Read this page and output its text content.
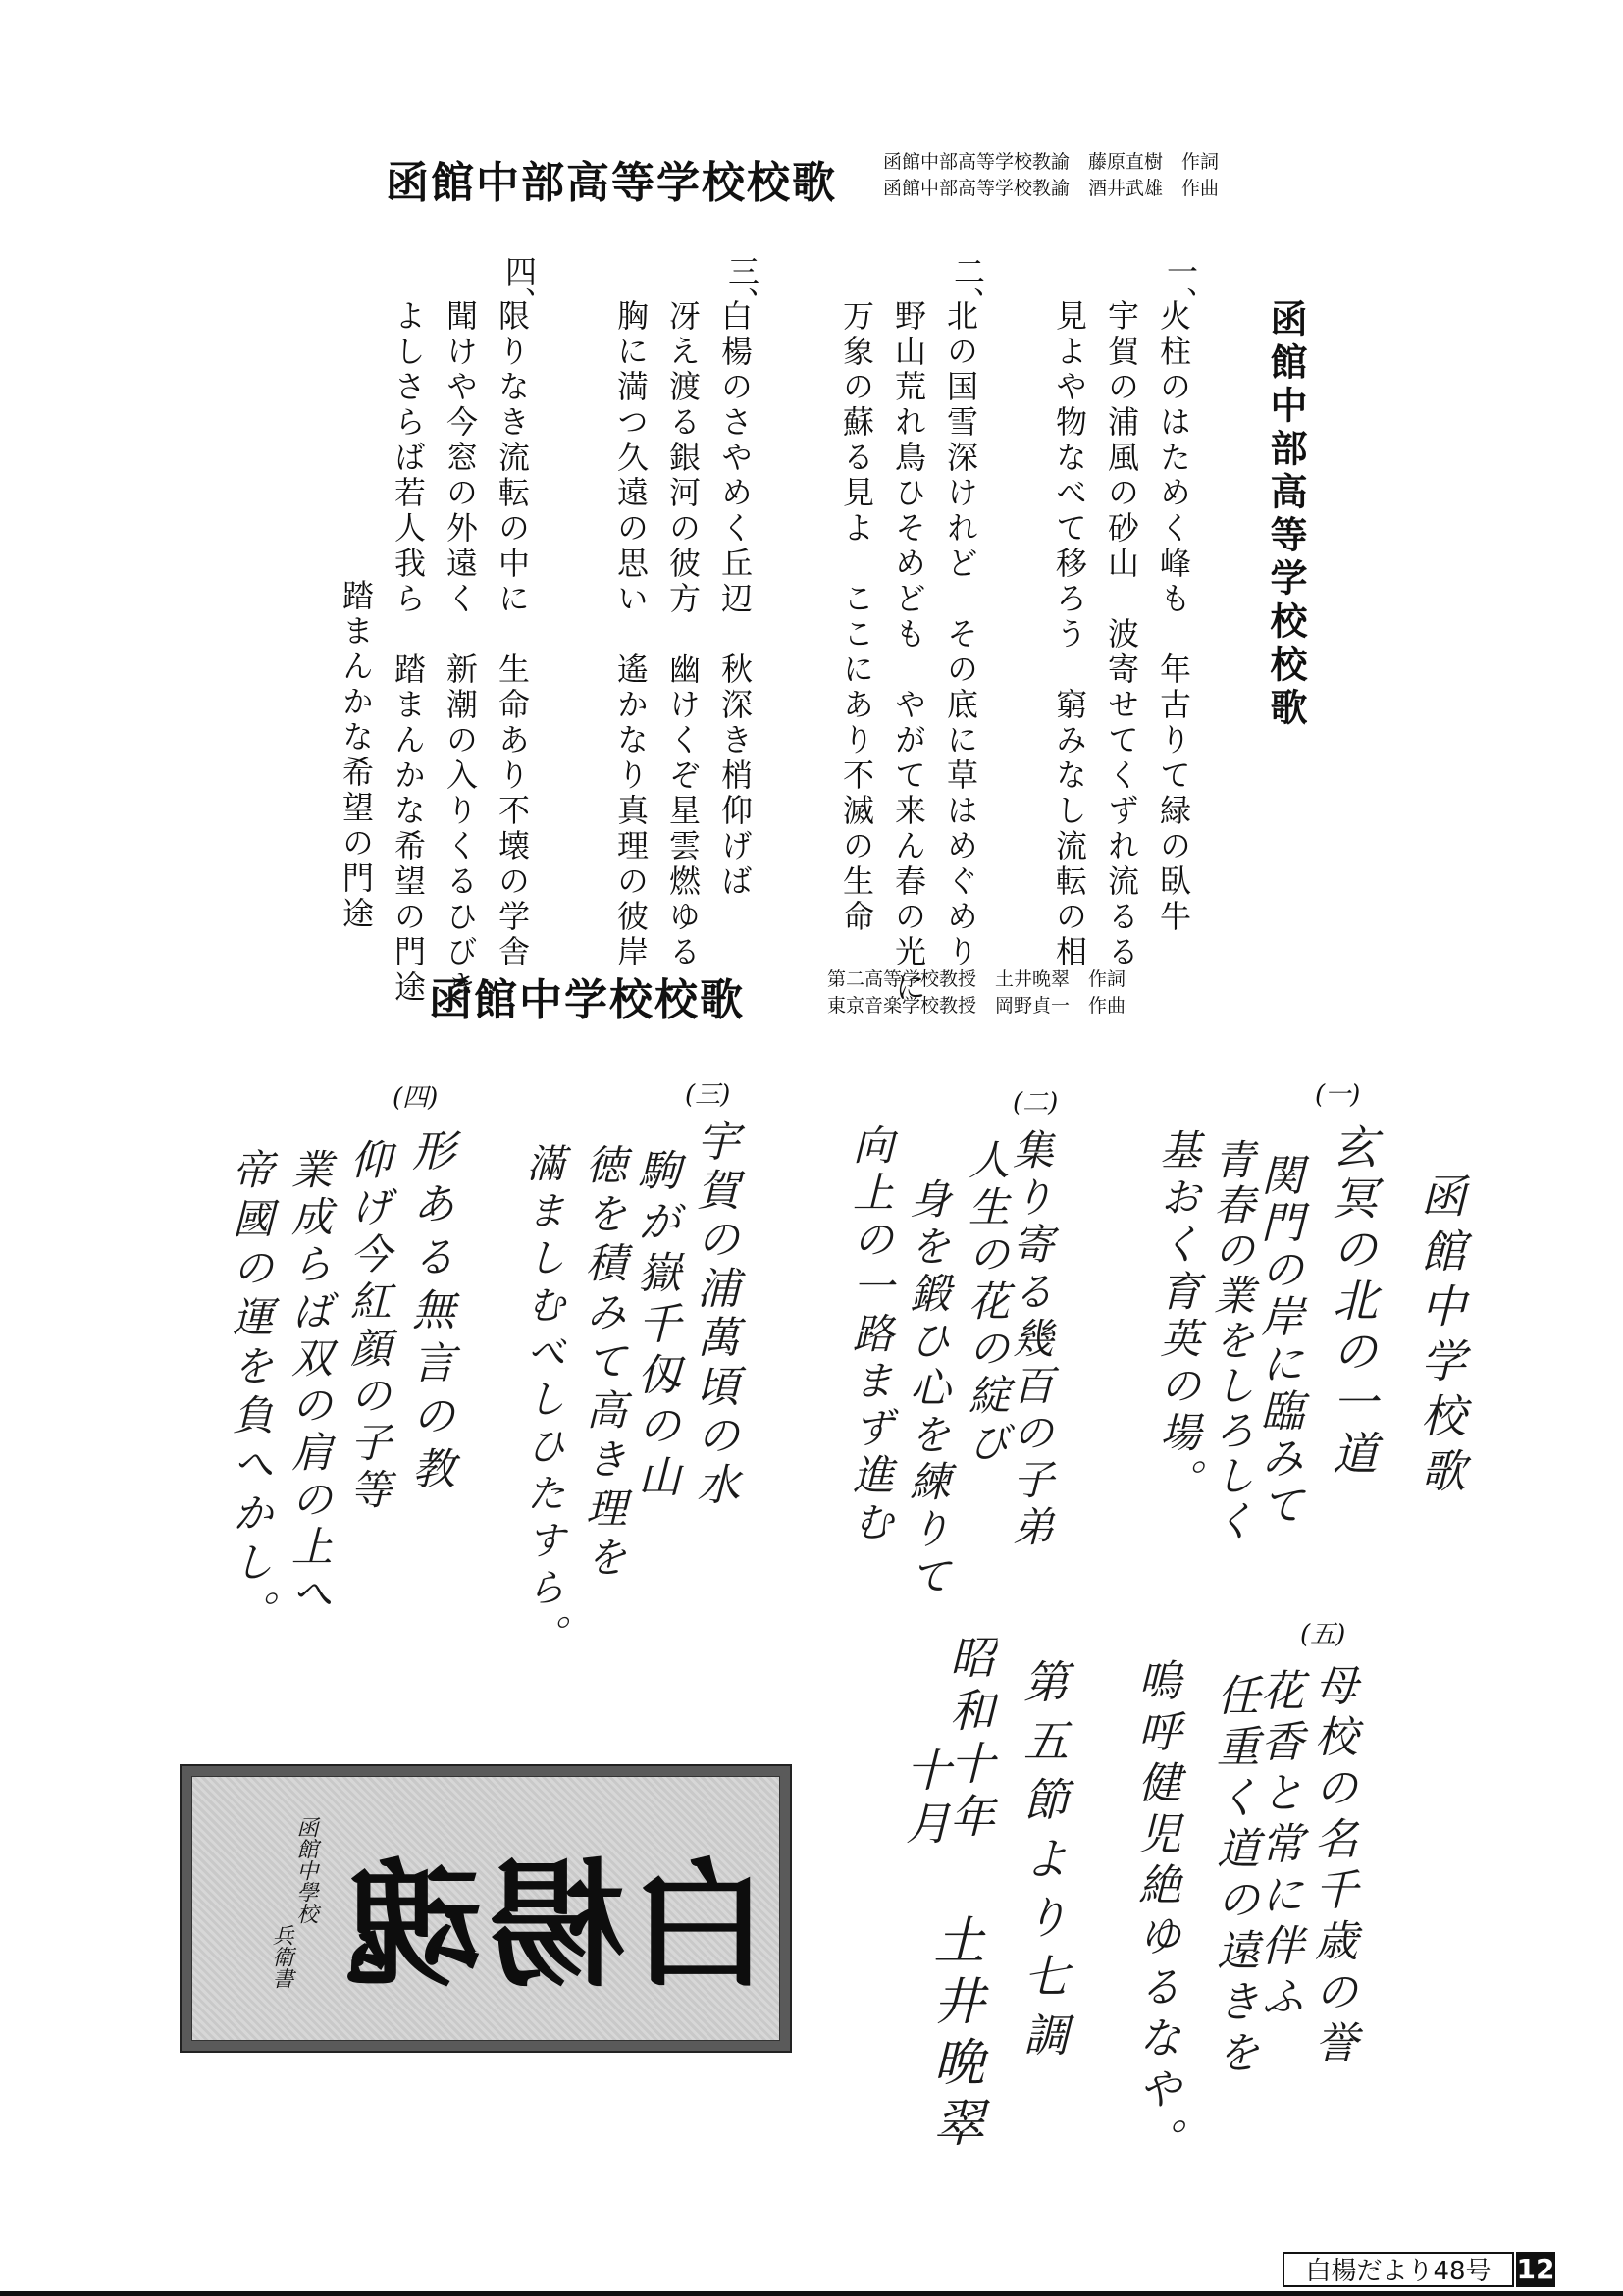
函館中部高等学校校歌 函館中部高等学校教諭　藤原直樹　作詞
函館中部高等学校教諭　酒井武雄　作曲
函館中部高等学校校歌
一、
火柱のはためく峰も　年古りて緑の臥牛
宇賀の浦風の砂山　波寄せてくずれ流るる
見よや物なべて移ろう　窮みなし流転の相
二、
北の国雪深けれど　その底に草はめぐめり
野山荒れ鳥ひそめども　やがて来ん春の光に
万象の蘇る見よ　ここにあり不滅の生命
三、
白楊のさやめく丘辺　秋深き梢仰げば
冴え渡る銀河の彼方　幽けくぞ星雲燃ゆる
胸に満つ久遠の思い　遙かなり真理の彼岸
四、
限りなき流転の中に　生命あり不壊の学舎
聞けや今窓の外遠く　新潮の入りくるひびき
よしさらば若人我ら　踏まんかな希望の門途
踏まんかな希望の門途
函館中学校校歌	第二高等学校教授　土井晩翠　作詞
東京音楽学校教授　岡野貞一　作曲
函館中学校歌
(一)
玄冥の北の一道
関門の岸に臨みて
青春の業をしろしく
基おく育英の場。
(二)
集り寄る幾百の子弟
人生の花の綻び
身を鍛ひ心を練りて
向上の一路まず進む
(三)
宇賀の浦萬頃の水
駒が嶽千仭の山
徳を積みて高き理を
滿ましむべしひたすら。
(四)
形ある無言の教
仰げ今紅顔の子等
業成らば双の肩の上へ
帝國の運を負へかし。	(五)
母校の名千歳の誉
花香と常に伴ふ
任重く道の遠きを
嗚呼健児絶ゆるなや。
第五節より七調
昭和十年
十月
土井晩翠
函館中學校
兵衛書 白楊魂
白楊だより48号 12
